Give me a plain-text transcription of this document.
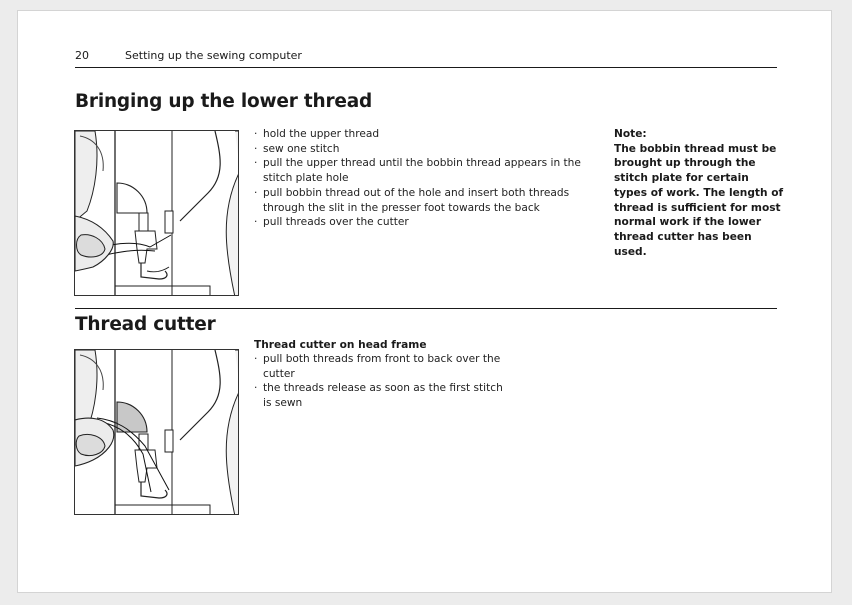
20	Setting up the sewing computer
Bringing up the lower thread
· hold the upper thread
· sew one stitch
· pull the upper thread until the bobbin thread appears in the stitch plate hole
· pull bobbin thread out of the hole and insert both threads through the slit in the presser foot towards the back
· pull threads over the cutter
Note:
The bobbin thread must be brought up through the stitch plate for certain types of work. The length of thread is sufficient for most normal work if the lower thread cutter has been used.
Thread cutter
Thread cutter on head frame
· pull both threads from front to back over the cutter
· the threads release as soon as the first stitch is sewn
